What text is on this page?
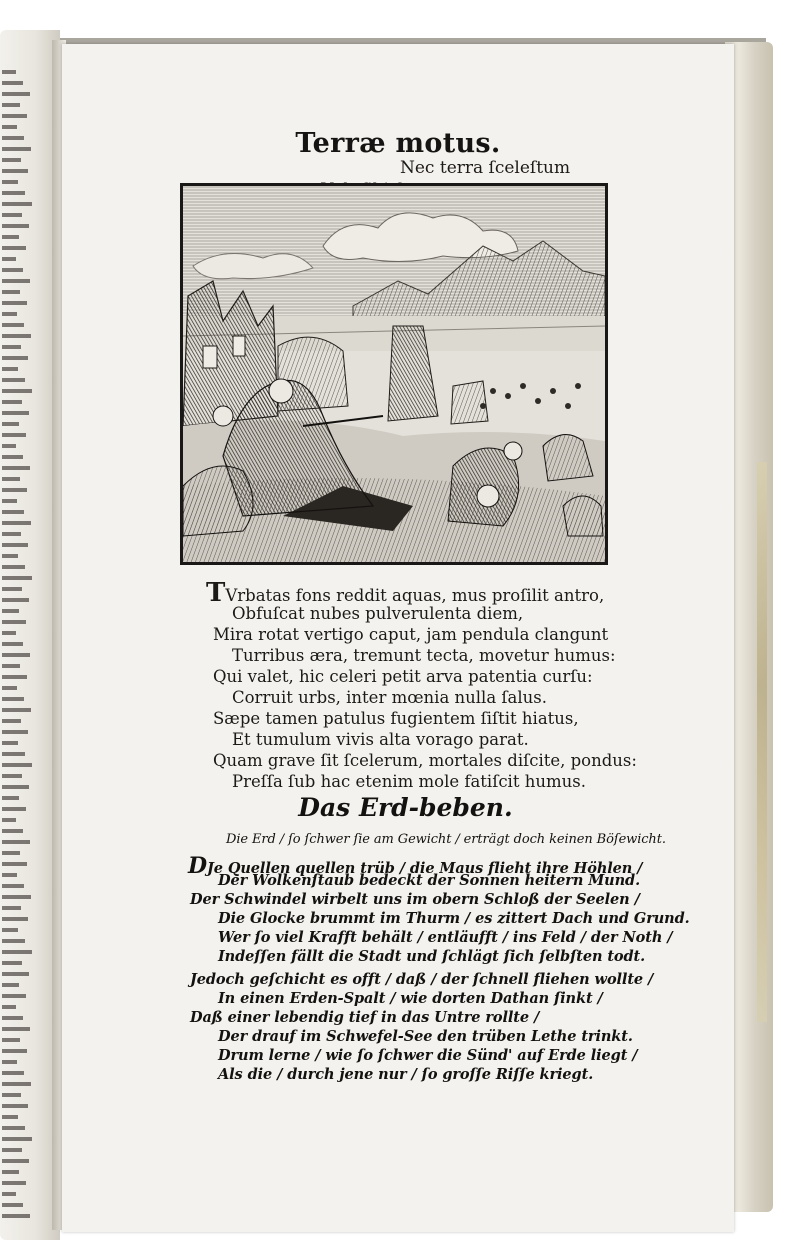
Terræ motus.
Nec terra ſceleſtum
TVrbatas fons reddit aquas, mus proſilit antro,
Obfuſcat nubes pulverulenta diem,
Mira rotat vertigo caput, jam pendula clangunt
Turribus æra, tremunt tecta, movetur humus:
Qui valet, hic celeri petit arva patentia curſu:
Corruit urbs, inter mœnia nulla ſalus.
Sæpe tamen patulus fugientem ſiſtit hiatus,
Et tumulum vivis alta vorago parat.
Quam grave ſit ſcelerum, mortales diſcite, pondus:
Preſſa ſub hac etenim mole fatiſcit humus.
Das Erd-beben.
Die Erd / ſo ſchwer ſie am Gewicht / erträgt doch keinen Böſewicht.
DJe Quellen quellen trüb / die Maus flieht ihre Höhlen /
Der Wolkenſtaub bedeckt der Sonnen heitern Mund.
Der Schwindel wirbelt uns im obern Schloß der Seelen /
Die Glocke brummt im Thurm / es zittert Dach und Grund.
Wer ſo viel Krafft behält / entläufft / ins Feld / der Noth /
Indeſſen fällt die Stadt und ſchlägt ſich ſelbſten todt.
Jedoch geſchicht es offt / daß / der ſchnell fliehen wollte /
In einen Erden-Spalt / wie dorten Dathan ſinkt /
Daß einer lebendig tief in das Untre rollte /
Der drauf im Schwefel-See den trüben Lethe trinkt.
Drum lerne / wie ſo ſchwer die Sünd' auf Erde liegt /
Als die / durch jene nur / ſo groſſe Riſſe kriegt.
